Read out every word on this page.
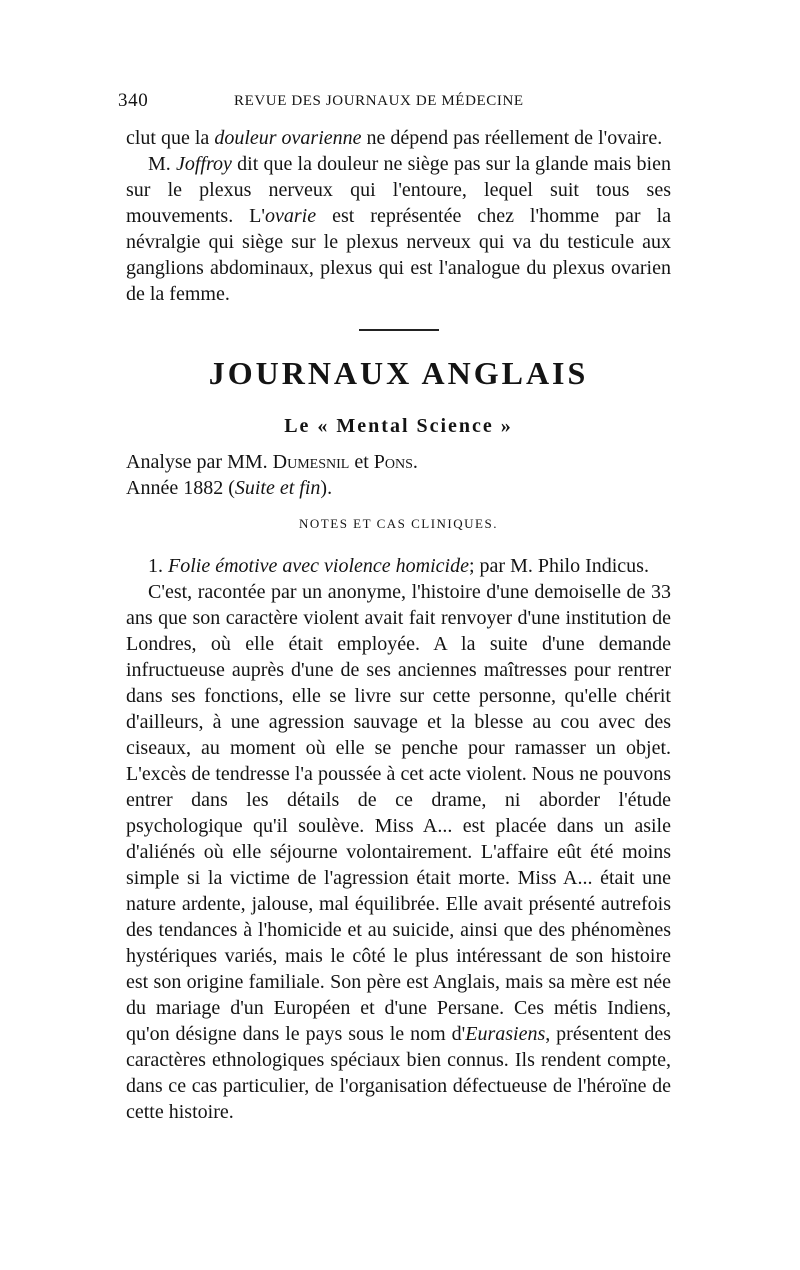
340	REVUE DES JOURNAUX DE MÉDECINE

clut que la douleur ovarienne ne dépend pas réellement de l'ovaire.

M. Joffroy dit que la douleur ne siège pas sur la glande mais bien sur le plexus nerveux qui l'entoure, lequel suit tous ses mouvements. L'ovarie est représentée chez l'homme par la névralgie qui siège sur le plexus nerveux qui va du testicule aux ganglions abdominaux, plexus qui est l'analogue du plexus ovarien de la femme.

JOURNAUX ANGLAIS
Le « Mental Science »

Analyse par MM. Dumesnil et Pons.

Année 1882 (Suite et fin).

NOTES ET CAS CLINIQUES.

1. Folie émotive avec violence homicide; par M. Philo Indicus.

C'est, racontée par un anonyme, l'histoire d'une demoiselle de 33 ans que son caractère violent avait fait renvoyer d'une institution de Londres, où elle était employée. A la suite d'une demande infructueuse auprès d'une de ses anciennes maîtresses pour rentrer dans ses fonctions, elle se livre sur cette personne, qu'elle chérit d'ailleurs, à une agression sauvage et la blesse au cou avec des ciseaux, au moment où elle se penche pour ramasser un objet. L'excès de tendresse l'a poussée à cet acte violent. Nous ne pouvons entrer dans les détails de ce drame, ni aborder l'étude psychologique qu'il soulève. Miss A... est placée dans un asile d'aliénés où elle séjourne volontairement. L'affaire eût été moins simple si la victime de l'agression était morte. Miss A... était une nature ardente, jalouse, mal équilibrée. Elle avait présenté autrefois des tendances à l'homicide et au suicide, ainsi que des phénomènes hystériques variés, mais le côté le plus intéressant de son histoire est son origine familiale. Son père est Anglais, mais sa mère est née du mariage d'un Européen et d'une Persane. Ces métis Indiens, qu'on désigne dans le pays sous le nom d'Eurasiens, présentent des caractères ethnologiques spéciaux bien connus. Ils rendent compte, dans ce cas particulier, de l'organisation défectueuse de l'héroïne de cette histoire.
